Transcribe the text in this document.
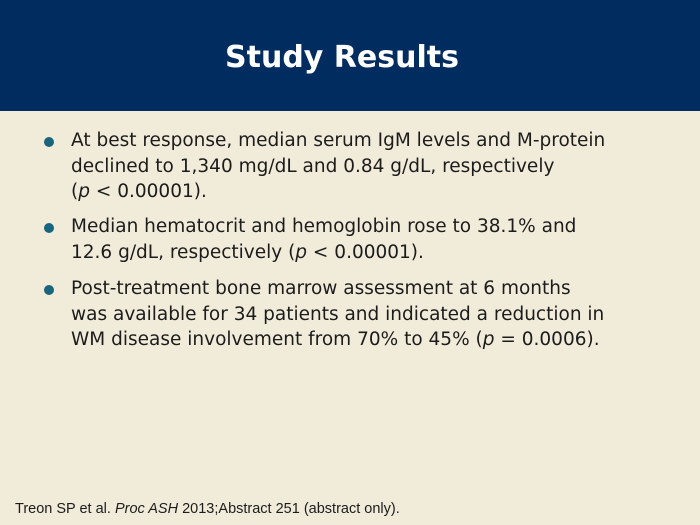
Study Results
At best response, median serum IgM levels and M-protein
declined to 1,340 mg/dL and 0.84 g/dL, respectively
(p < 0.00001).
Median hematocrit and hemoglobin rose to 38.1% and
12.6 g/dL, respectively (p < 0.00001).
Post-treatment bone marrow assessment at 6 months
was available for 34 patients and indicated a reduction in
WM disease involvement from 70% to 45% (p = 0.0006).
Treon SP et al. Proc ASH 2013;Abstract 251 (abstract only).
